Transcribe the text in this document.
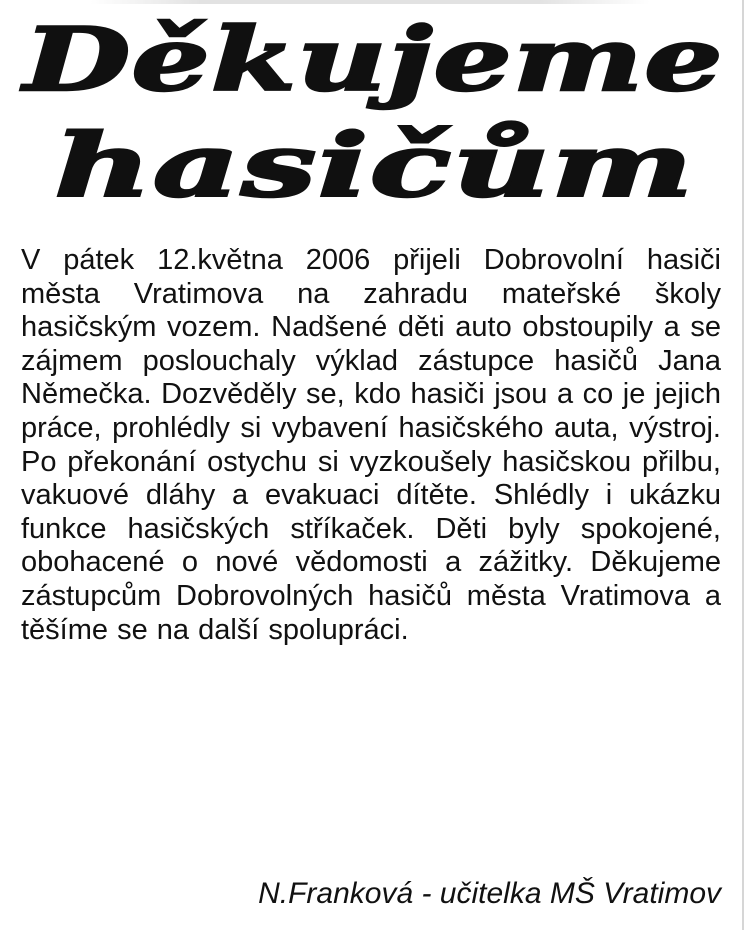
Děkujeme
hasičům

V pátek 12.května 2006 přijeli Dobrovolní hasiči města Vratimova na zahradu mateřské školy hasičským vozem. Nadšené děti auto obstoupily a se zájmem poslouchaly výklad zástupce hasičů Jana Němečka. Dozvěděly se, kdo hasiči jsou a co je jejich práce, prohlédly si vybavení hasičského auta, výstroj. Po překonání ostychu si vyzkoušely hasičskou přilbu, vakuové dláhy a evakuaci dítěte. Shlédly i ukázku funkce hasičských stříkaček. Děti byly spokojené, obohacené o nové vědomosti a zážitky. Děkujeme zástupcům Dobrovolných hasičů města Vratimova a těšíme se na další spolupráci.

N.Franková - učitelka MŠ Vratimov
